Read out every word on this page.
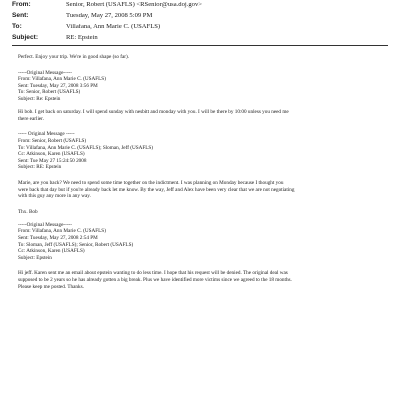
From:	Senior, Robert (USAFLS) <RSenior@usa.doj.gov>
Sent:	Tuesday, May 27, 2008 5:09 PM
To:	Villafana, Ann Marie C. (USAFLS)
Subject:	RE: Epstein

Perfect. Enjoy your trip. We're in good shape (so far).

-----Original Message-----

From: Villafana, Ann Marie C. (USAFLS)

Sent: Tuesday, May 27, 2008 3:56 PM

To: Senior, Robert (USAFLS)

Subject: Re: Epstein

Hi bob. I get back on saturday. I will spend sunday with nesbitt and monday with you. I will be there by 10:00 unless you need me

there earlier.

----- Original Message -----

From: Senior, Robert (USAFLS)

To: Villafana, Ann Marie C. (USAFLS); Sloman, Jeff (USAFLS)

Cc: Atkinson, Karen (USAFLS)

Sent: Tue May 27 15:24:50 2008

Subject: RE: Epstein

Marie, are you back? We need to spend some time together on the indictment. I was planning on Monday because I thought you

were back that day but if you're already back let me know. By the way, Jeff and Alex have been very clear that we are not negotiating

with this guy any more in any way.

Thx. Bob

-----Original Message-----

From: Villafana, Ann Marie C. (USAFLS)

Sent: Tuesday, May 27, 2008 2:54 PM

To: Sloman, Jeff (USAFLS); Senior, Robert (USAFLS)

Cc: Atkinson, Karen (USAFLS)

Subject: Epstein

Hi jeff. Karen sent me an email about epstein wanting to do less time. I hope that his request will be denied. The original deal was

supposed to be 2 years so he has already gotten a big break. Plus we have identified more victims since we agreed to the 18 months.

Please keep me posted. Thanks.
